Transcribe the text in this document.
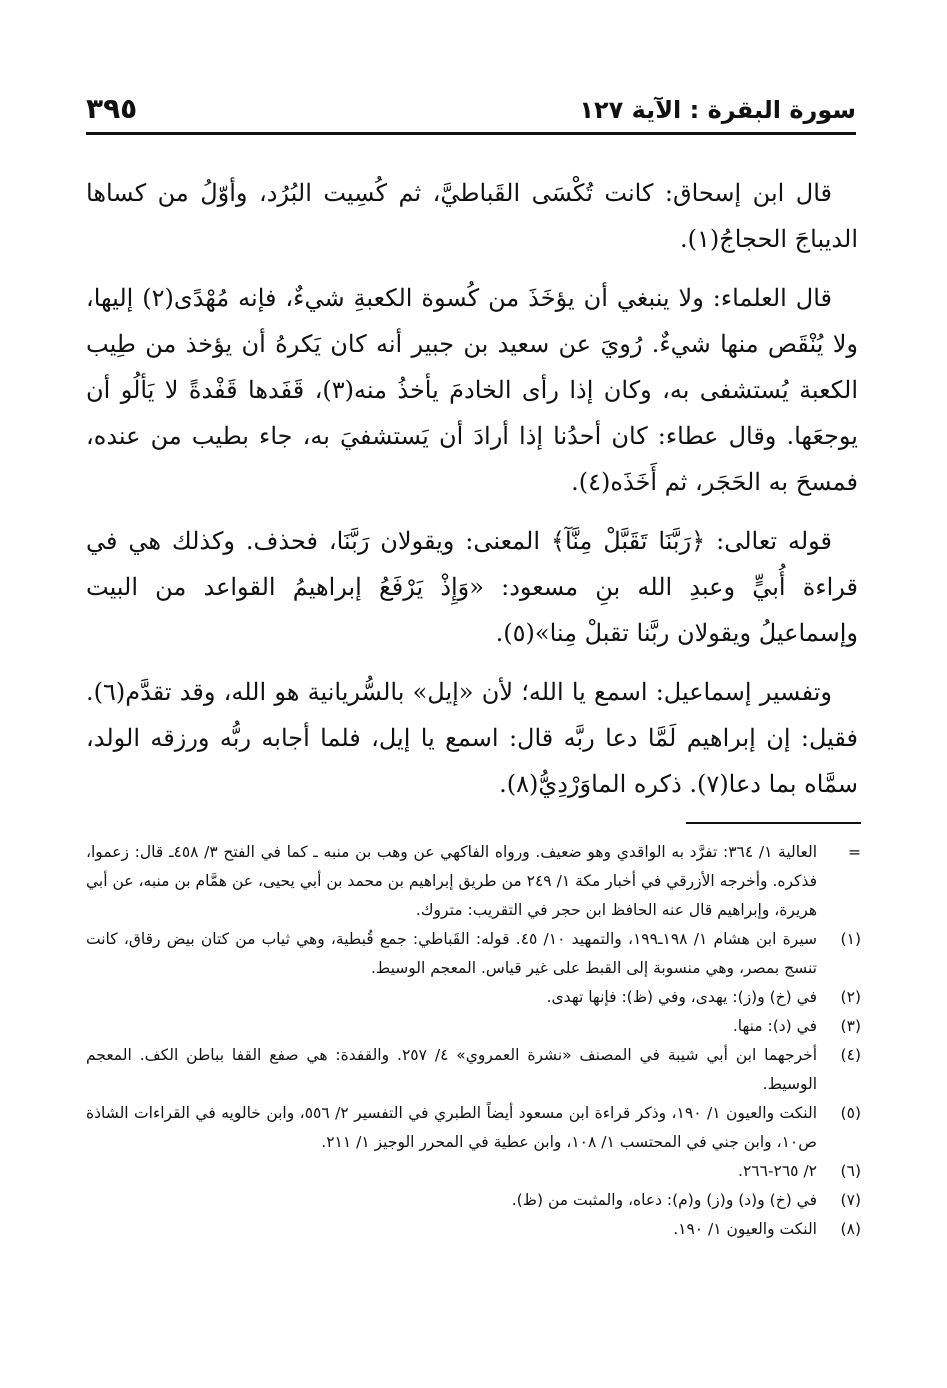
سورة البقرة : الآية ١٢٧
٣٩٥

قال ابن إسحاق: كانت تُكْسَى القَباطيَّ، ثم كُسِيت البُرُد، وأوّلُ من كساها الديباجَ الحجاجُ(١).

قال العلماء: ولا ينبغي أن يؤخَذَ من كُسوة الكعبةِ شيءٌ، فإنه مُهْدًى(٢) إليها، ولا يُنْقَص منها شيءٌ. رُويَ عن سعيد بن جبير أنه كان يَكرهُ أن يؤخذ من طِيب الكعبة يُستشفى به، وكان إذا رأى الخادمَ يأخذُ منه(٣)، قَفَدها قَفْدةً لا يَألُو أن يوجعَها. وقال عطاء: كان أحدُنا إذا أرادَ أن يَستشفيَ به، جاء بطيب من عنده، فمسحَ به الحَجَر، ثم أَخَذَه(٤).

قوله تعالى: ﴿رَبَّنَا تَقَبَّلْ مِنَّآ﴾ المعنى: ويقولان رَبَّنَا، فحذف. وكذلك هي في قراءة أُبيٍّ وعبدِ الله بنِ مسعود: «وَإِذْ يَرْفَعُ إبراهيمُ القواعد من البيت وإسماعيلُ ويقولان ربَّنا تقبلْ مِنا»(٥).

وتفسير إسماعيل: اسمع يا الله؛ لأن «إيل» بالسُّريانية هو الله، وقد تقدَّم(٦). فقيل: إن إبراهيم لَمَّا دعا ربَّه قال: اسمع يا إيل، فلما أجابه ربُّه ورزقه الولد، سمَّاه بما دعا(٧). ذكره الماوَرْدِيُّ(٨).

=
العالية ١/ ٣٦٤: تفرَّد به الواقدي وهو ضعيف. ورواه الفاكهي عن وهب بن منبه ـ كما في الفتح ٣/ ٤٥٨ـ قال: زعموا، فذكره. وأخرجه الأزرقي في أخبار مكة ١/ ٢٤٩ من طريق إبراهيم بن محمد بن أبي يحيى، عن همَّام بن منبه، عن أبي هريرة، وإبراهيم قال عنه الحافظ ابن حجر في التقريب: متروك.
(١)
سيرة ابن هشام ١/ ١٩٨ـ١٩٩، والتمهيد ١٠/ ٤٥. قوله: القَباطي: جمع قُبطية، وهي ثياب من كتان بيض رقاق، كانت تنسج بمصر، وهي منسوبة إلى القبط على غير قياس. المعجم الوسيط.
(٢)
في (خ) و(ز): يهدى، وفي (ظ): فإنها تهدى.
(٣)
في (د): منها.
(٤)
أخرجهما ابن أبي شيبة في المصنف «نشرة العمروي» ٤/ ٢٥٧. والقفدة: هي صفع القفا بباطن الكف. المعجم الوسيط.
(٥)
النكت والعيون ١/ ١٩٠، وذكر قراءة ابن مسعود أيضاً الطبري في التفسير ٢/ ٥٥٦، وابن خالويه في القراءات الشاذة ص١٠، وابن جني في المحتسب ١/ ١٠٨، وابن عطية في المحرر الوجيز ١/ ٢١١.
(٦)
٢/ ٢٦٥-٢٦٦.
(٧)
في (خ) و(د) و(ز) و(م): دعاه، والمثبت من (ظ).
(٨)
النكت والعيون ١/ ١٩٠.
